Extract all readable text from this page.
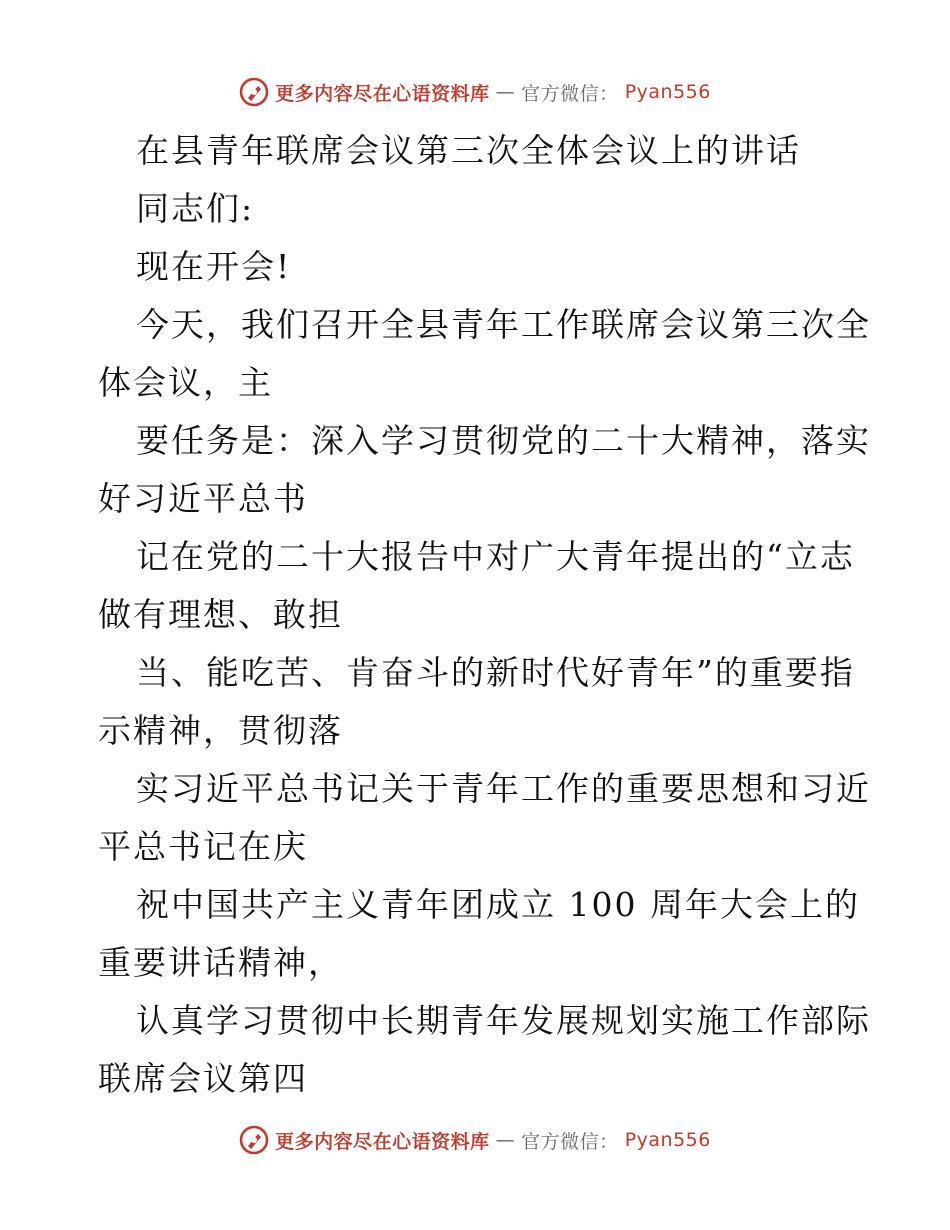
更多内容尽在心语资料库 — 官方微信： Pyan556
在县青年联席会议第三次全体会议上的讲话
同志们:
现在开会!
今天，我们召开全县青年工作联席会议第三次全
体会议，主
要任务是：深入学习贯彻党的二十大精神，落实
好习近平总书
记在党的二十大报告中对广大青年提出的“立志
做有理想、敢担
当、能吃苦、肯奋斗的新时代好青年”的重要指
示精神，贯彻落
实习近平总书记关于青年工作的重要思想和习近
平总书记在庆
祝中国共产主义青年团成立 100 周年大会上的
重要讲话精神，
认真学习贯彻中长期青年发展规划实施工作部际
联席会议第四
更多内容尽在心语资料库 — 官方微信： Pyan556
